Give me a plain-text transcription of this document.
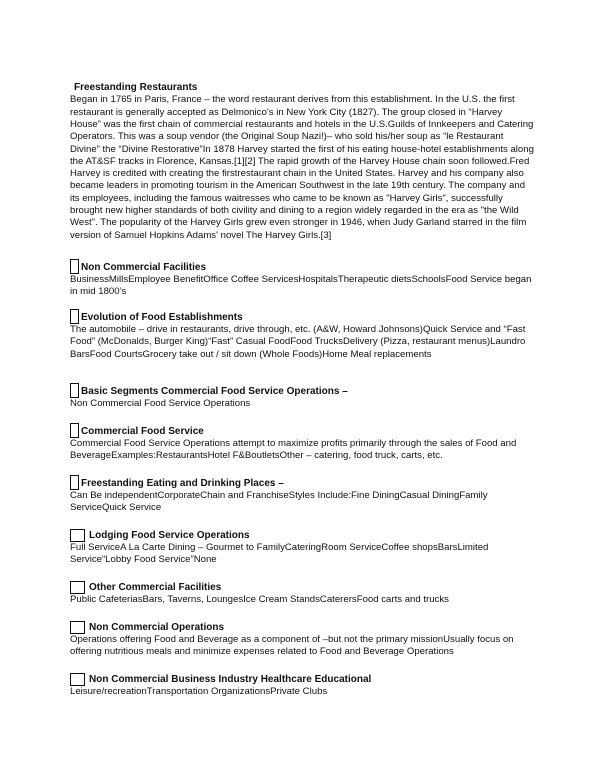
Freestanding Restaurants
Began in 1765 in Paris, France – the word restaurant derives from this establishment. In the U.S. the first restaurant is generally accepted as Delmonico’s in New York City (1827). The group closed in “Harvey House” was the first chain of commercial restaurants and hotels in the U.S.Guilds of Innkeepers and Catering Operators. This was a soup vendor (the Original Soup Nazi!)– who sold his/her soup as “le Restaurant Divine” the “Divine Restorative”In 1878 Harvey started the first of his eating house-hotel establishments along the AT&SF tracks in Florence, Kansas.[1][2] The rapid growth of the Harvey House chain soon followed.Fred Harvey is credited with creating the firstrestaurant chain in the United States. Harvey and his company also became leaders in promoting tourism in the American Southwest in the late 19th century. The company and its employees, including the famous waitresses who came to be known as "Harvey Girls", successfully brought new higher standards of both civility and dining to a region widely regarded in the era as "the Wild West". The popularity of the Harvey Girls grew even stronger in 1946, when Judy Garland starred in the film version of Samuel Hopkins Adams' novel The Harvey Girls.[3]
Non Commercial Facilities
BusinessMillsEmployee BenefitOffice Coffee ServicesHospitalsTherapeutic dietsSchoolsFood Service began in mid 1800’s
Evolution of Food Establishments
The automobile – drive in restaurants, drive through, etc. (A&W, Howard Johnsons)Quick Service and “Fast Food” (McDonalds, Burger King)“Fast” Casual FoodFood TrucksDelivery (Pizza, restaurant menus)Laundro BarsFood CourtsGrocery take out / sit down (Whole Foods)Home Meal replacements
Basic Segments Commercial Food Service Operations –
Non Commercial Food Service Operations
Commercial Food Service
Commercial Food Service Operations attempt to maximize profits primarily through the sales of Food and BeverageExamples:RestaurantsHotel F&BoutletsOther – catering, food truck, carts, etc.
Freestanding Eating and Drinking Places –
Can Be independentCorporateChain and FranchiseStyles Include:Fine DiningCasual DiningFamily ServiceQuick Service
Lodging Food Service Operations
Full ServiceA La Carte Dining – Gourmet to FamilyCateringRoom ServiceCoffee shopsBarsLimited Service“Lobby Food Service”None
Other Commercial Facilities
Public CafeteriasBars, Taverns, LoungesIce Cream StandsCaterersFood carts and trucks
Non Commercial Operations
Operations offering Food and Beverage as a component of –but not the primary missionUsually focus on offering nutritious meals and minimize expenses related to Food and Beverage Operations
Non Commercial Business Industry Healthcare Educational
Leisure/recreationTransportation OrganizationsPrivate Clubs
